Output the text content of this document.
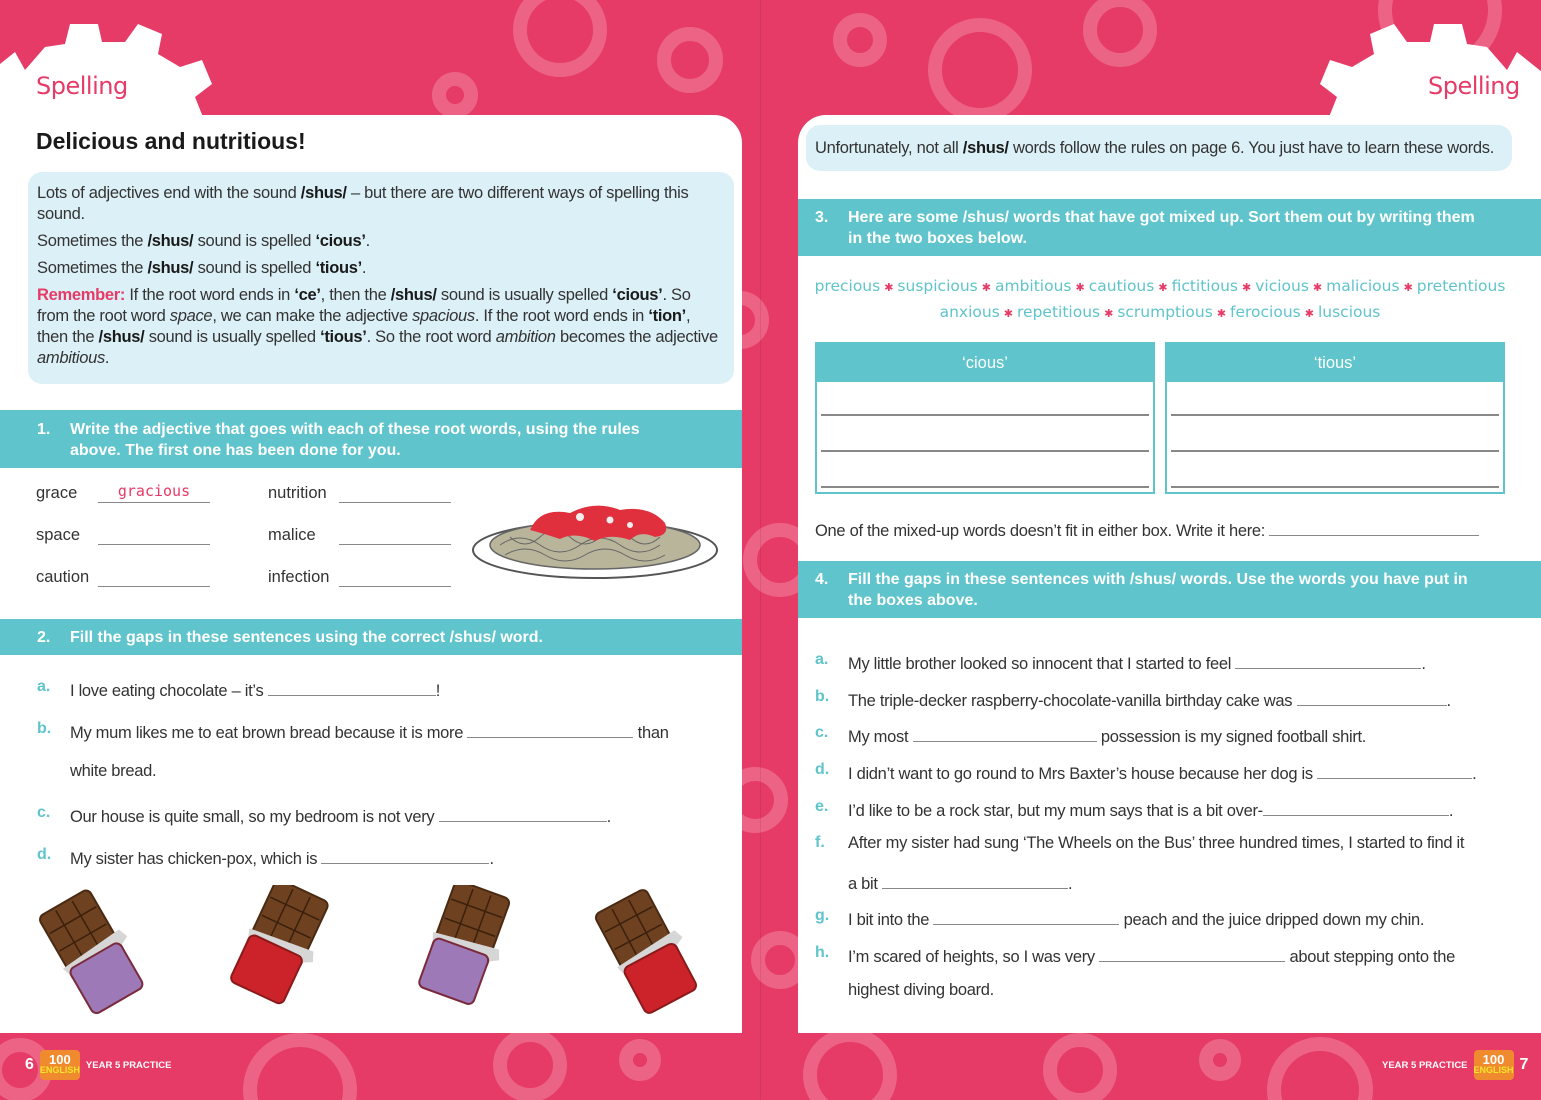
Spelling
Delicious and nutritious!

Lots of adjectives end with the sound /shus/ – but there are two different ways of spelling this sound.

Sometimes the /shus/ sound is spelled ‘cious’.

Sometimes the /shus/ sound is spelled ‘tious’.

Remember: If the root word ends in ‘ce’, then the /shus/ sound is usually spelled ‘cious’. So from the root word space, we can make the adjective spacious. If the root word ends in ‘tion’, then the /shus/ sound is usually spelled ‘tious’. So the root word ambition becomes the adjective ambitious.

1.	Write the adjective that goes with each of these root words, using the rules above. The first one has been done for you.
grace	gracious
space
caution
nutrition
malice
infection
2.	Fill the gaps in these sentences using the correct /shus/ word.
a. I love eating chocolate – it’s	!
b. My mum likes me to eat brown bread because it is more	than
white bread.
c. Our house is quite small, so my bedroom is not very	.
d. My sister has chicken-pox, which is	.
6 100
ENGLISH YEAR 5 PRACTICE
Spelling
Unfortunately, not all /shus/ words follow the rules on page 6. You just have to learn these words.
3.	Here are some /shus/ words that have got mixed up. Sort them out by writing them in the two boxes below.
precious ✱ suspicious ✱ ambitious ✱ cautious ✱ fictitious ✱ vicious ✱ malicious ✱ pretentious
anxious ✱ repetitious ✱ scrumptious ✱ ferocious ✱ luscious
‘cious’	‘tious’
One of the mixed-up words doesn’t fit in either box. Write it here:
4.	Fill the gaps in these sentences with /shus/ words. Use the words you have put in the boxes above.
a. My little brother looked so innocent that I started to feel	.
b. The triple-decker raspberry-chocolate-vanilla birthday cake was	.
c. My most	possession is my signed football shirt.
d. I didn’t want to go round to Mrs Baxter’s house because her dog is	.
e. I’d like to be a rock star, but my mum says that is a bit over-	.
f. After my sister had sung ‘The Wheels on the Bus’ three hundred times, I started to find it
a bit	.
g. I bit into the	peach and the juice dripped down my chin.
h. I’m scared of heights, so I was very	about stepping onto the
highest diving board.
YEAR 5 PRACTICE 100
ENGLISH 7
